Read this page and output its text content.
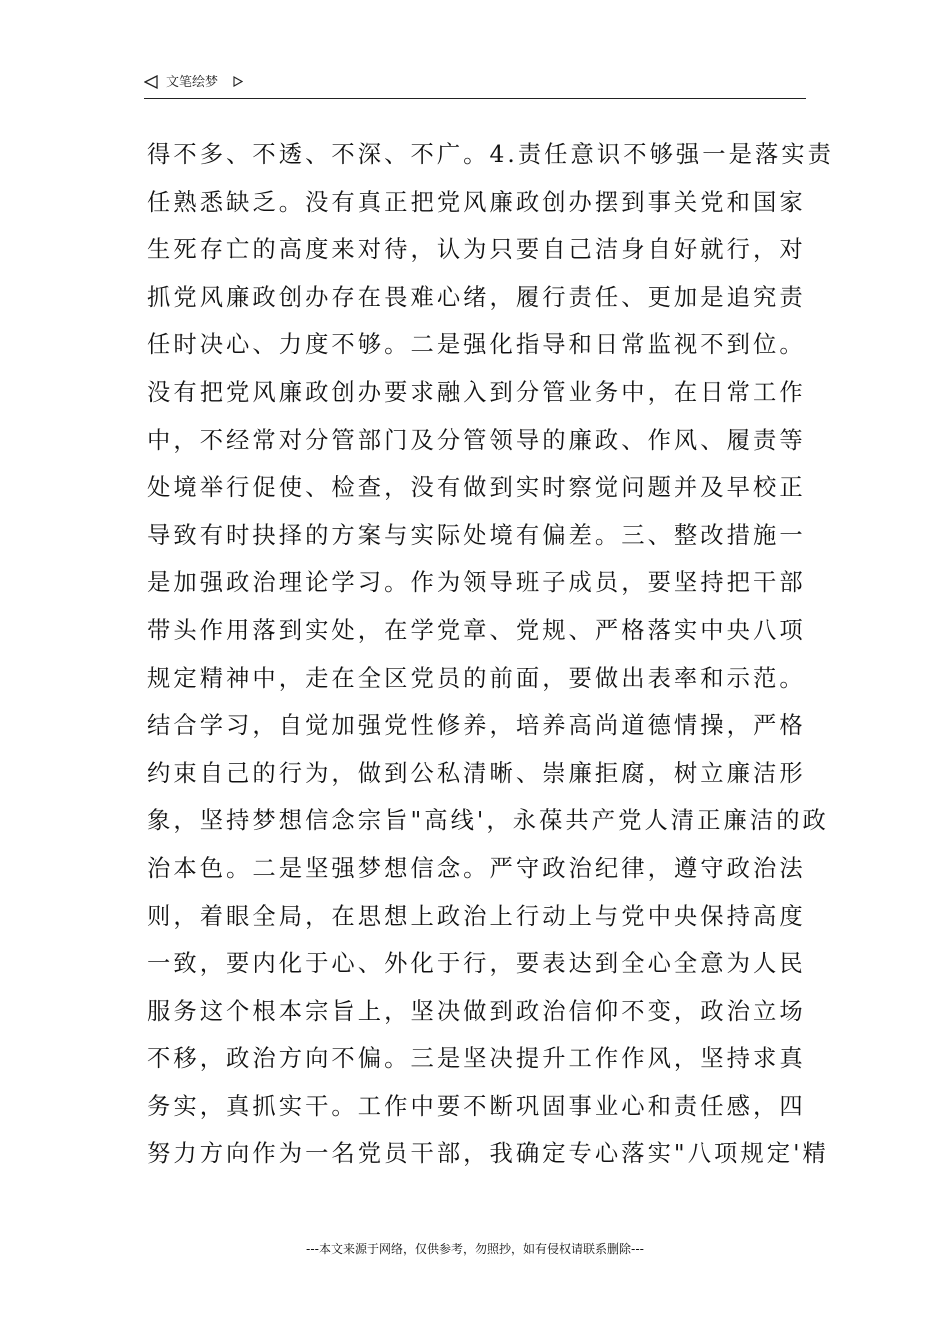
文笔绘梦
得不多、不透、不深、不广。4.责任意识不够强一是落实责
任熟悉缺乏。没有真正把党风廉政创办摆到事关党和国家
生死存亡的高度来对待，认为只要自己洁身自好就行，对
抓党风廉政创办存在畏难心绪，履行责任、更加是追究责
任时决心、力度不够。二是强化指导和日常监视不到位。
没有把党风廉政创办要求融入到分管业务中，在日常工作
中，不经常对分管部门及分管领导的廉政、作风、履责等
处境举行促使、检查，没有做到实时察觉问题并及早校正
导致有时抉择的方案与实际处境有偏差。三、整改措施一
是加强政治理论学习。作为领导班子成员，要坚持把干部
带头作用落到实处，在学党章、党规、严格落实中央八项
规定精神中，走在全区党员的前面，要做出表率和示范。
结合学习，自觉加强党性修养，培养高尚道德情操，严格
约束自己的行为，做到公私清晰、崇廉拒腐，树立廉洁形
象，坚持梦想信念宗旨"高线'，永葆共产党人清正廉洁的政
治本色。二是坚强梦想信念。严守政治纪律，遵守政治法
则，着眼全局，在思想上政治上行动上与党中央保持高度
一致，要内化于心、外化于行，要表达到全心全意为人民
服务这个根本宗旨上，坚决做到政治信仰不变，政治立场
不移，政治方向不偏。三是坚决提升工作作风，坚持求真
务实，真抓实干。工作中要不断巩固事业心和责任感，四
努力方向作为一名党员干部，我确定专心落实"八项规定'精
---本文来源于网络，仅供参考，勿照抄，如有侵权请联系删除---
